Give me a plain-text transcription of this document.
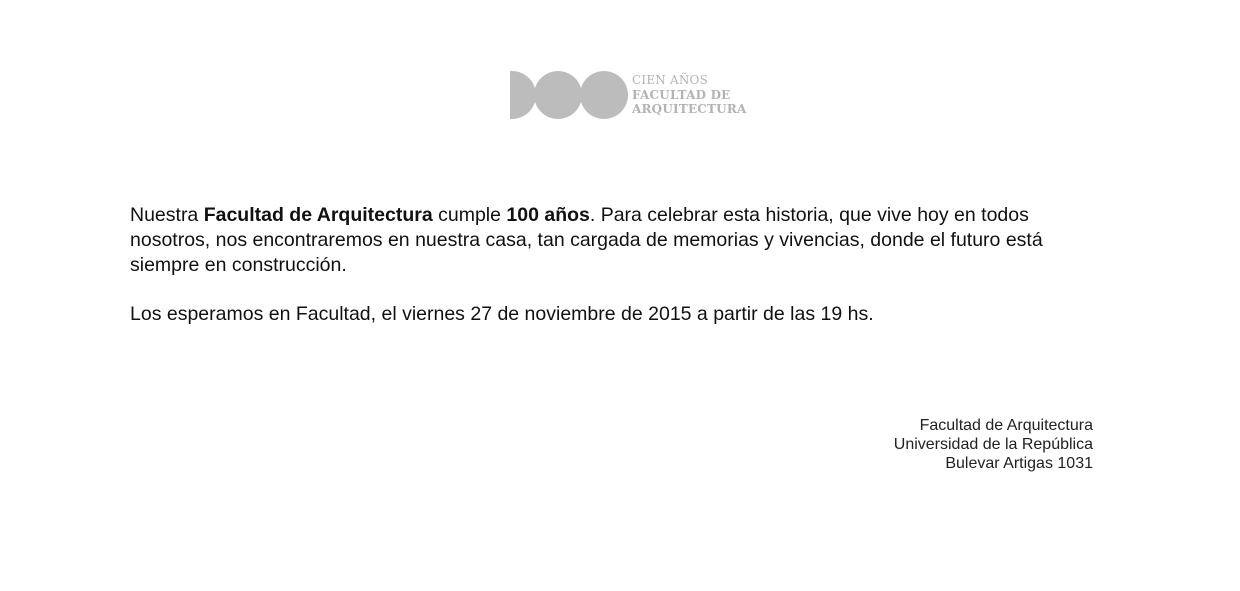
CIEN AÑOS
FACULTAD DE
ARQUITECTURA

Nuestra Facultad de Arquitectura cumple 100 años. Para celebrar esta historia, que vive hoy en todos nosotros, nos encontraremos en nuestra casa, tan cargada de memorias y vivencias, donde el futuro está siempre en construcción.

Los esperamos en Facultad, el viernes 27 de noviembre de 2015 a partir de las 19 hs.

Facultad de Arquitectura
Universidad de la República
Bulevar Artigas 1031
